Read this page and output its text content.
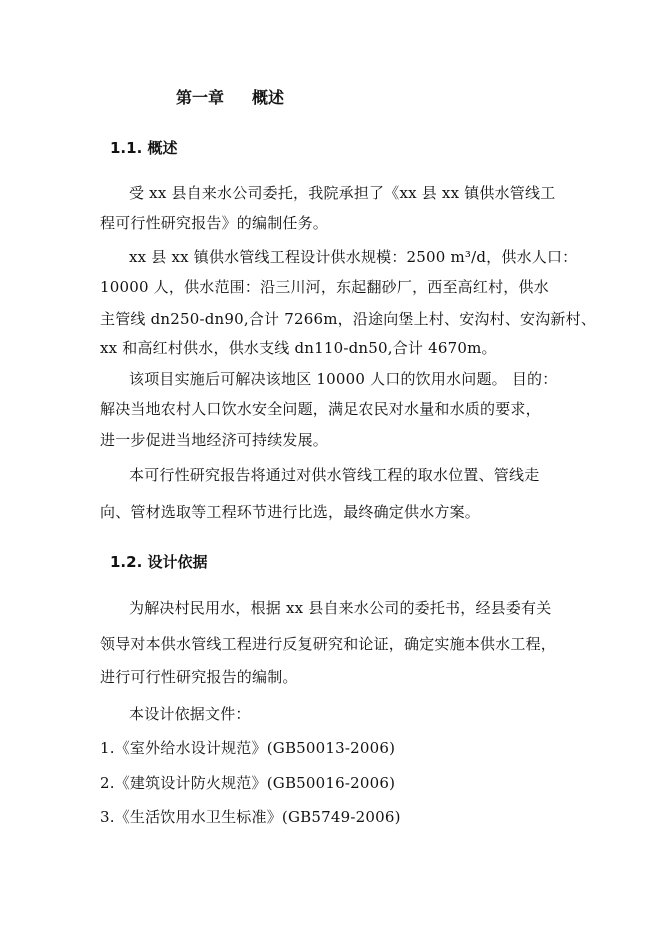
第一章 概述
1.1. 概述
受 xx 县自来水公司委托，我院承担了《xx 县 xx 镇供水管线工
程可行性研究报告》的编制任务。
xx 县 xx 镇供水管线工程设计供水规模：2500 m³/d，供水人口：
10000 人，供水范围：沿三川河，东起翻砂厂，西至高红村，供水
主管线 dn250-dn90,合计 7266m，沿途向堡上村、安沟村、安沟新村、
xx 和高红村供水，供水支线 dn110-dn50,合计 4670m。
该项目实施后可解决该地区 10000 人口的饮用水问题。 目的：
解决当地农村人口饮水安全问题，满足农民对水量和水质的要求，
进一步促进当地经济可持续发展。
本可行性研究报告将通过对供水管线工程的取水位置、管线走
向、管材选取等工程环节进行比选，最终确定供水方案。
1.2. 设计依据
为解决村民用水，根据 xx 县自来水公司的委托书，经县委有关
领导对本供水管线工程进行反复研究和论证，确定实施本供水工程，
进行可行性研究报告的编制。
本设计依据文件：
1.《室外给水设计规范》(GB50013-2006)
2.《建筑设计防火规范》(GB50016-2006)
3.《生活饮用水卫生标准》(GB5749-2006)
